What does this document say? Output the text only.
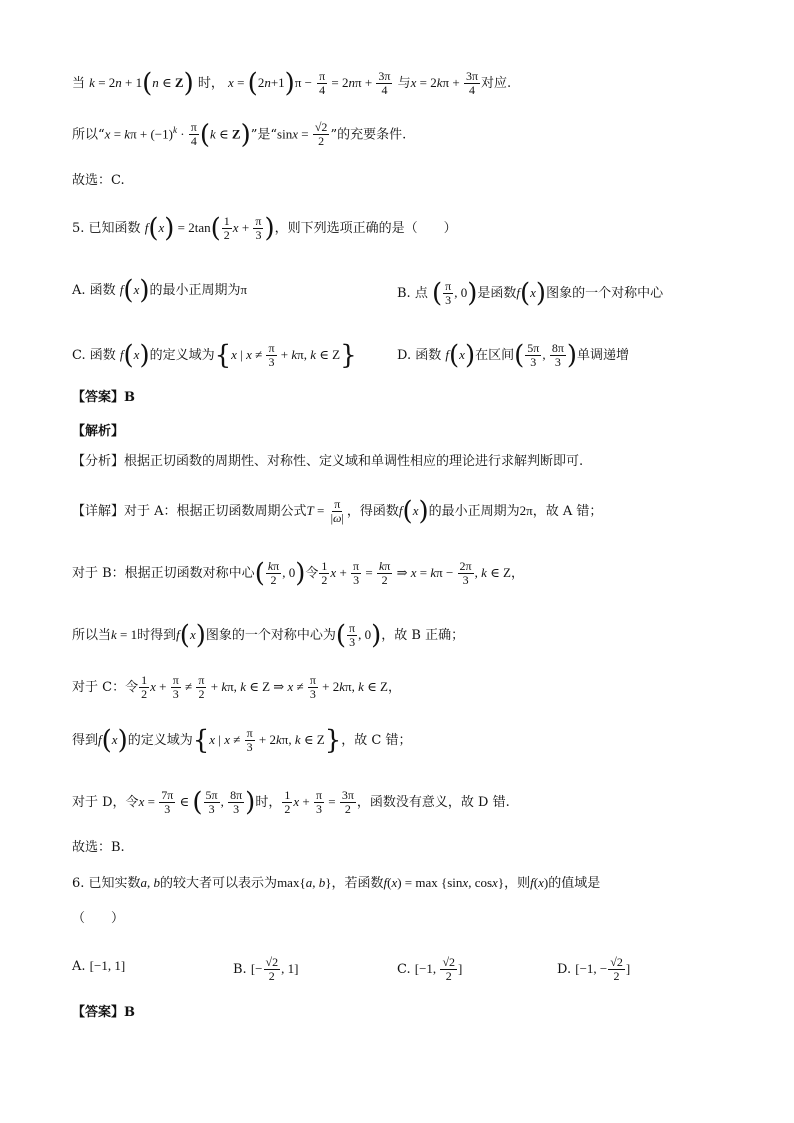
当 k = 2n + 1(n ∈ Z) 时， $x = (2n+1)\pi - \frac{\pi}{4} = 2n\pi + \frac{3\pi}{4}$ 与$x = 2k\pi + \frac{3\pi}{4}$ 对应.
所以“$x = k\pi + (-1)^k \cdot \frac{\pi}{4} (k$ ∈ Z)”是“$\sin x = \frac{√2}{2}$ ”的充要条件.
故选：C.
5. 已知函数 $f(x) = 2\tan( \frac{1}{2}$ $x + \frac{\pi}{3}$ )，则下列选项正确的是（　　）
A. 函数 f(x)的最小正周期为π	B. 点 ( $\frac{\pi}{3}$ , 0)是函数f(x)图象的一个对称中心
C. 函数 f(x)的定义域为{x | $x \ne \frac{\pi}{3} + k\pi$, k ∈ Z}	D. 函数 f(x)在区间( $\frac{5\pi}{3}$ , $\frac{8\pi}{3}$ )单调递增
【答案】B
【解析】
【分析】根据正切函数的周期性、对称性、定义域和单调性相应的理论进行求解判断即可.
【详解】对于 A：根据正切函数周期公式$T = \frac{\pi}{|\omega|}$ ，得函数f(x)的最小正周期为2π，故 A 错；
对于 B：根据正切函数对称中心( $\frac{k\pi}{2}$ , 0)令 $\frac{1}{2}$ $x + \frac{\pi}{3} = \frac{k\pi}{2}$ ⇒ $x = k\pi - \frac{2\pi}{3}$ , k ∈ Z，
所以当k = 1时得到f(x)图象的一个对称中心为( $\frac{\pi}{3}$ , 0)，故 B 正确；
对于 C：令 $\frac{1}{2}$ $x + \frac{\pi}{3} \ne \frac{\pi}{2} + k\pi$, k ∈ Z ⇒ $x \ne \frac{\pi}{3} + 2k\pi$, k ∈ Z，
得到f(x)的定义域为{x | $x \ne \frac{\pi}{3} + 2k\pi$, k ∈ Z}，故 C 错；
对于 D，令$x = \frac{7\pi}{3}$ ∈ ( $\frac{5\pi}{3}$ , $\frac{8\pi}{3}$ )时， $\frac{1}{2}$ $x + \frac{\pi}{3} = \frac{3\pi}{2}$ ，函数没有意义，故 D 错.
故选：B.
6. 已知实数a, b的较大者可以表示为max{a, b}，若函数f(x) = max {sinx, cosx}，则f(x)的值域是
（　　）
A. [−1, 1]	B. [− $\frac{√2}{2}$ , 1]	C. [−1, $\frac{√2}{2}$ ]	D. [−1, − $\frac{√2}{2}$ ]
【答案】B
